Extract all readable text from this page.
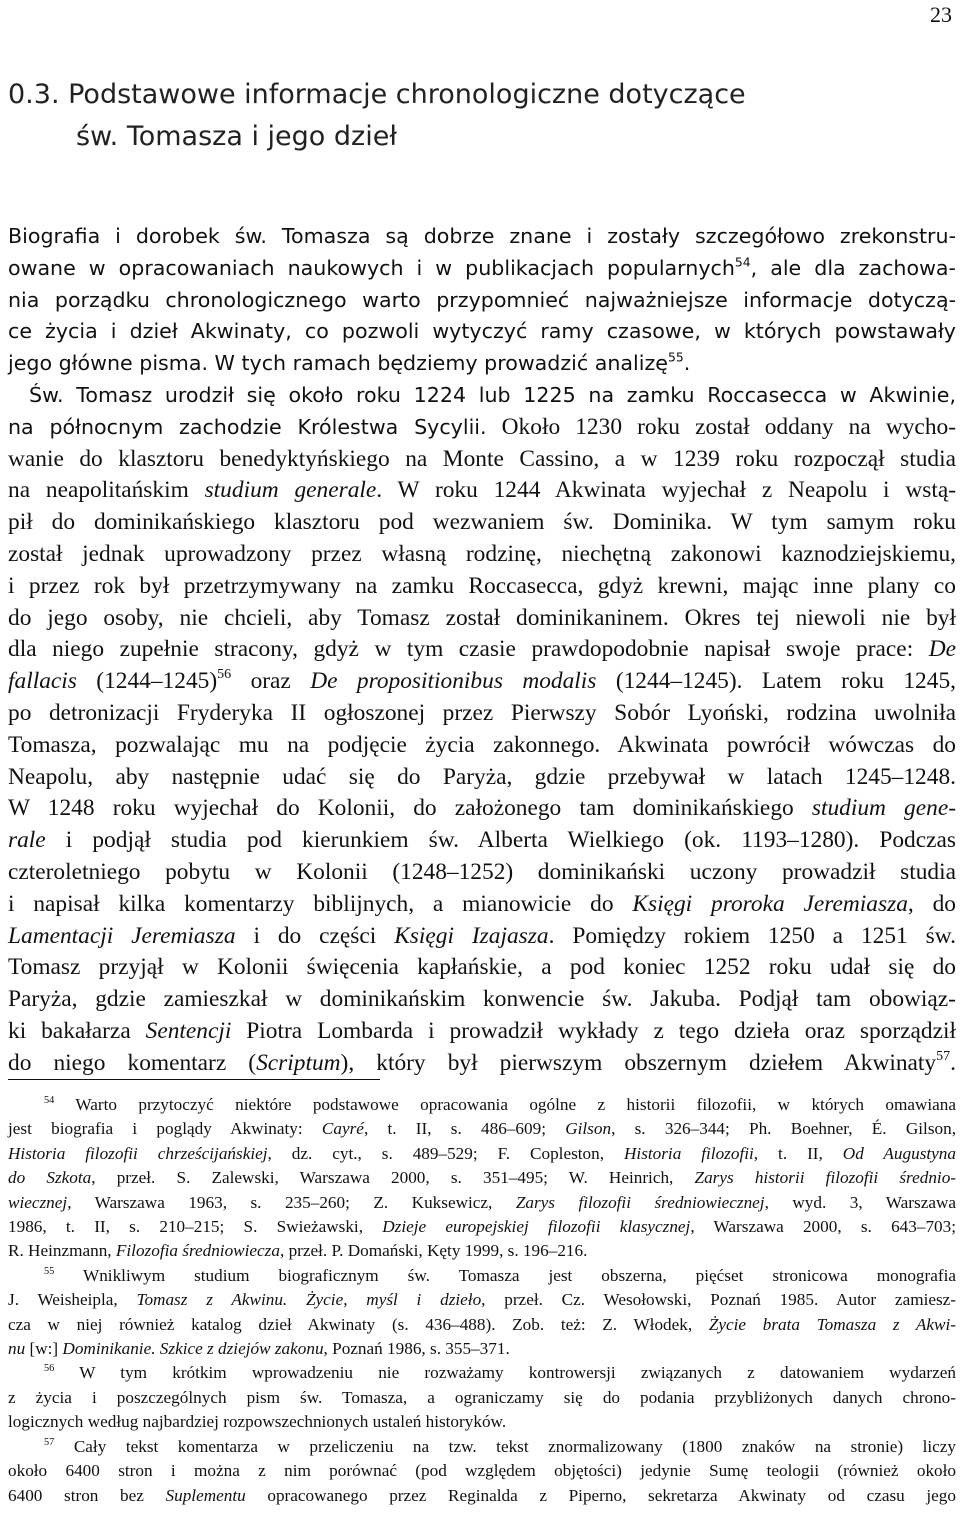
23
0.3. Podstawowe informacje chronologiczne dotyczące
św. Tomasza i jego dzieł
Biografia i dorobek św. Tomasza są dobrze znane i zostały szczegółowo zrekonstru-
owane w opracowaniach naukowych i w publikacjach popularnych$^{54}$, ale dla zachowa-
nia porządku chronologicznego warto przypomnieć najważniejsze informacje dotyczą-
ce życia i dzieł Akwinaty, co pozwoli wytyczyć ramy czasowe, w których powstawały
jego główne pisma. W tych ramach będziemy prowadzić analizę$^{55}$.
Św. Tomasz urodził się około roku 1224 lub 1225 na zamku Roccasecca w Akwinie,
na północnym zachodzie Królestwa Sycylii. Około 1230 roku został oddany na wycho-
wanie do klasztoru benedyktyńskiego na Monte Cassino, a w 1239 roku rozpoczął studia
na neapolitańskim studium generale. W roku 1244 Akwinata wyjechał z Neapolu i wstą-
pił do dominikańskiego klasztoru pod wezwaniem św. Dominika. W tym samym roku
został jednak uprowadzony przez własną rodzinę, niechętną zakonowi kaznodziejskiemu,
i przez rok był przetrzymywany na zamku Roccasecca, gdyż krewni, mając inne plany co
do jego osoby, nie chcieli, aby Tomasz został dominikaninem. Okres tej niewoli nie był
dla niego zupełnie stracony, gdyż w tym czasie prawdopodobnie napisał swoje prace: De
fallacis (1244–1245)$^{56}$ oraz De propositionibus modalis (1244–1245). Latem roku 1245,
po detronizacji Fryderyka II ogłoszonej przez Pierwszy Sobór Lyoński, rodzina uwolniła
Tomasza, pozwalając mu na podjęcie życia zakonnego. Akwinata powrócił wówczas do
Neapolu, aby następnie udać się do Paryża, gdzie przebywał w latach 1245–1248.
W 1248 roku wyjechał do Kolonii, do założonego tam dominikańskiego studium gene-
rale i podjął studia pod kierunkiem św. Alberta Wielkiego (ok. 1193–1280). Podczas
czteroletniego pobytu w Kolonii (1248–1252) dominikański uczony prowadził studia
i napisał kilka komentarzy biblijnych, a mianowicie do Księgi proroka Jeremiasza, do
Lamentacji Jeremiasza i do części Księgi Izajasza. Pomiędzy rokiem 1250 a 1251 św.
Tomasz przyjął w Kolonii święcenia kapłańskie, a pod koniec 1252 roku udał się do
Paryża, gdzie zamieszkał w dominikańskim konwencie św. Jakuba. Podjął tam obowiąz-
ki bakałarza Sentencji Piotra Lombarda i prowadził wykłady z tego dzieła oraz sporządził
do niego komentarz (Scriptum), który był pierwszym obszernym dziełem Akwinaty$^{57}$.
$^{54}$ Warto przytoczyć niektóre podstawowe opracowania ogólne z historii filozofii, w których omawiana
jest biografia i poglądy Akwinaty: Cayré, t. II, s. 486–609; Gilson, s. 326–344; Ph. Boehner, É. Gilson,
Historia filozofii chrześcijańskiej, dz. cyt., s. 489–529; F. Copleston, Historia filozofii, t. II, Od Augustyna
do Szkota, przeł. S. Zalewski, Warszawa 2000, s. 351–495; W. Heinrich, Zarys historii filozofii średnio-
wiecznej, Warszawa 1963, s. 235–260; Z. Kuksewicz, Zarys filozofii średniowiecznej, wyd. 3, Warszawa
1986, t. II, s. 210–215; S. Swieżawski, Dzieje europejskiej filozofii klasycznej, Warszawa 2000, s. 643–703;
R. Heinzmann, Filozofia średniowiecza, przeł. P. Domański, Kęty 1999, s. 196–216.
$^{55}$ Wnikliwym studium biograficznym św. Tomasza jest obszerna, pięćset stronicowa monografia
J. Weisheipla, Tomasz z Akwinu. Życie, myśl i dzieło, przeł. Cz. Wesołowski, Poznań 1985. Autor zamiesz-
cza w niej również katalog dzieł Akwinaty (s. 436–488). Zob. też: Z. Włodek, Życie brata Tomasza z Akwi-
nu [w:] Dominikanie. Szkice z dziejów zakonu, Poznań 1986, s. 355–371.
$^{56}$ W tym krótkim wprowadzeniu nie rozważamy kontrowersji związanych z datowaniem wydarzeń
z życia i poszczególnych pism św. Tomasza, a ograniczamy się do podania przybliżonych danych chrono-
logicznych według najbardziej rozpowszechnionych ustaleń historyków.
$^{57}$ Cały tekst komentarza w przeliczeniu na tzw. tekst znormalizowany (1800 znaków na stronie) liczy
około 6400 stron i można z nim porównać (pod względem objętości) jedynie Sumę teologii (również około
6400 stron bez Suplementu opracowanego przez Reginalda z Piperno, sekretarza Akwinaty od czasu jego
